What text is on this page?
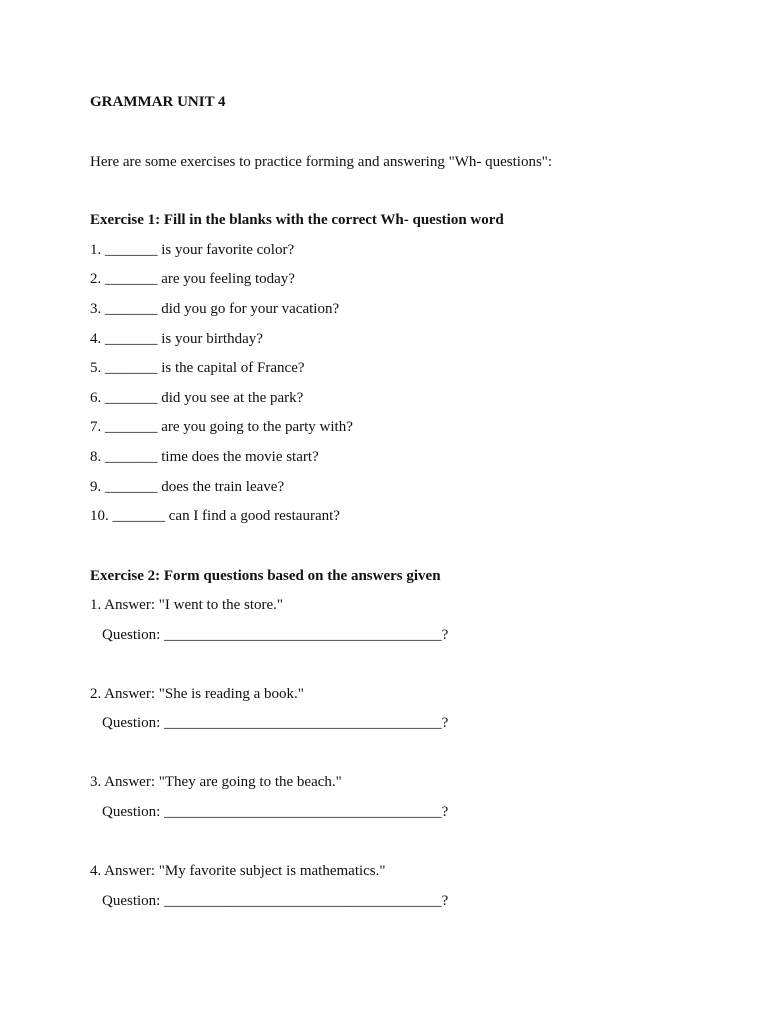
GRAMMAR UNIT 4
Here are some exercises to practice forming and answering "Wh- questions":
Exercise 1: Fill in the blanks with the correct Wh- question word
1. _______ is your favorite color?
2. _______ are you feeling today?
3. _______ did you go for your vacation?
4. _______ is your birthday?
5. _______ is the capital of France?
6. _______ did you see at the park?
7. _______ are you going to the party with?
8. _______ time does the movie start?
9. _______ does the train leave?
10. _______ can I find a good restaurant?
Exercise 2: Form questions based on the answers given
1. Answer: "I went to the store."
Question: _____________________________________?
2. Answer: "She is reading a book."
Question: _____________________________________?
3. Answer: "They are going to the beach."
Question: _____________________________________?
4. Answer: "My favorite subject is mathematics."
Question: _____________________________________?
